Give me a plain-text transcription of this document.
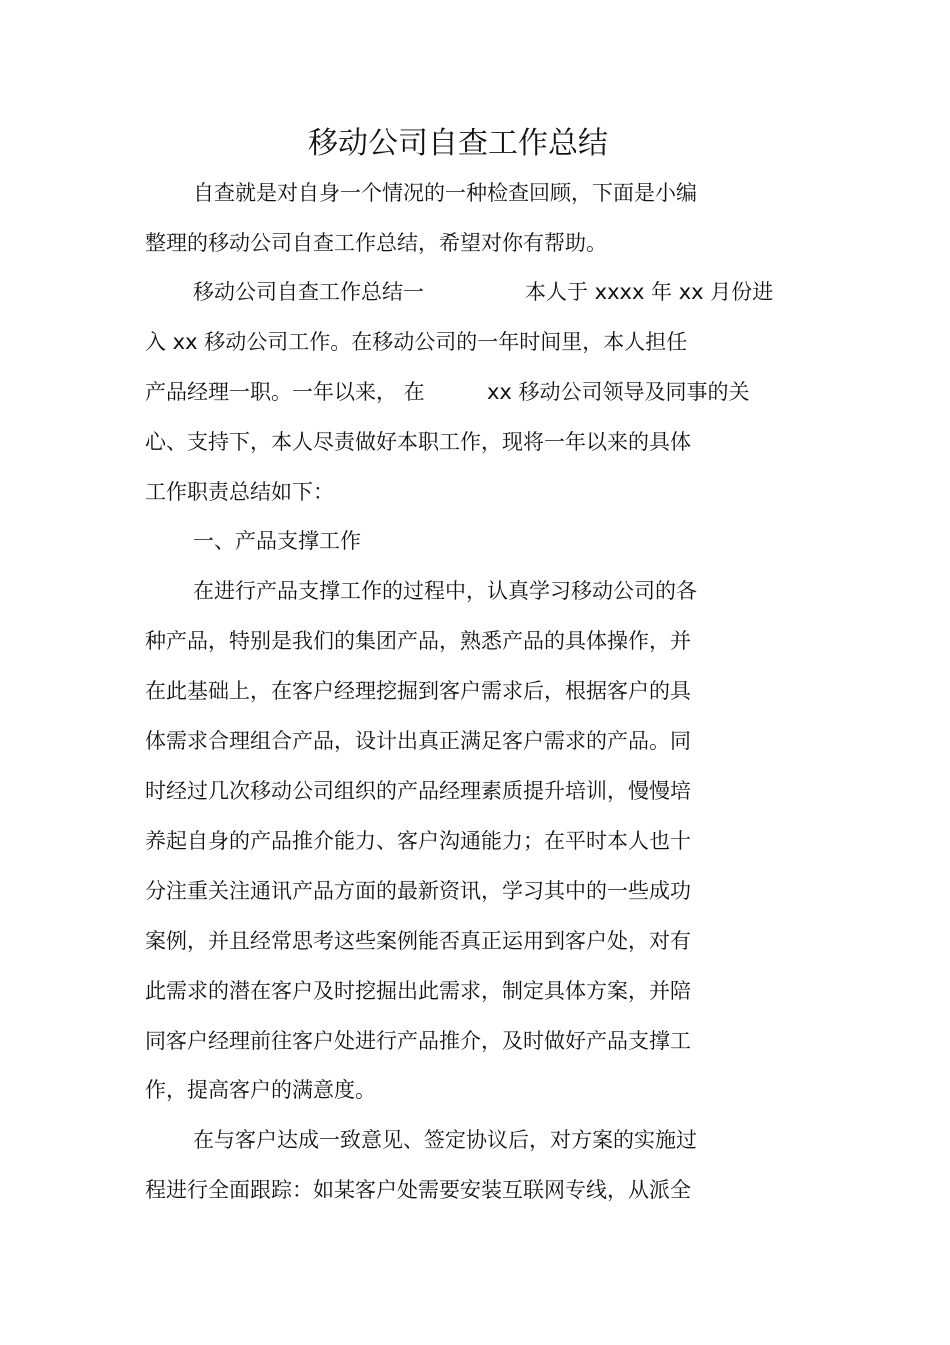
移动公司自查工作总结
自查就是对自身一个情况的一种检查回顾，下面是小编
整理的移动公司自查工作总结，希望对你有帮助。
移动公司自查工作总结一	本人于 xxxx 年 xx 月份进
入 xx 移动公司工作。在移动公司的一年时间里，本人担任
产品经理一职。一年以来， 在	xx 移动公司领导及同事的关
心、支持下，本人尽责做好本职工作，现将一年以来的具体
工作职责总结如下：
一、产品支撑工作
在进行产品支撑工作的过程中，认真学习移动公司的各
种产品，特别是我们的集团产品，熟悉产品的具体操作，并
在此基础上，在客户经理挖掘到客户需求后，根据客户的具
体需求合理组合产品，设计出真正满足客户需求的产品。同
时经过几次移动公司组织的产品经理素质提升培训，慢慢培
养起自身的产品推介能力、客户沟通能力；在平时本人也十
分注重关注通讯产品方面的最新资讯，学习其中的一些成功
案例，并且经常思考这些案例能否真正运用到客户处，对有
此需求的潜在客户及时挖掘出此需求，制定具体方案，并陪
同客户经理前往客户处进行产品推介，及时做好产品支撑工
作，提高客户的满意度。
在与客户达成一致意见、签定协议后，对方案的实施过
程进行全面跟踪：如某客户处需要安装互联网专线，从派全
